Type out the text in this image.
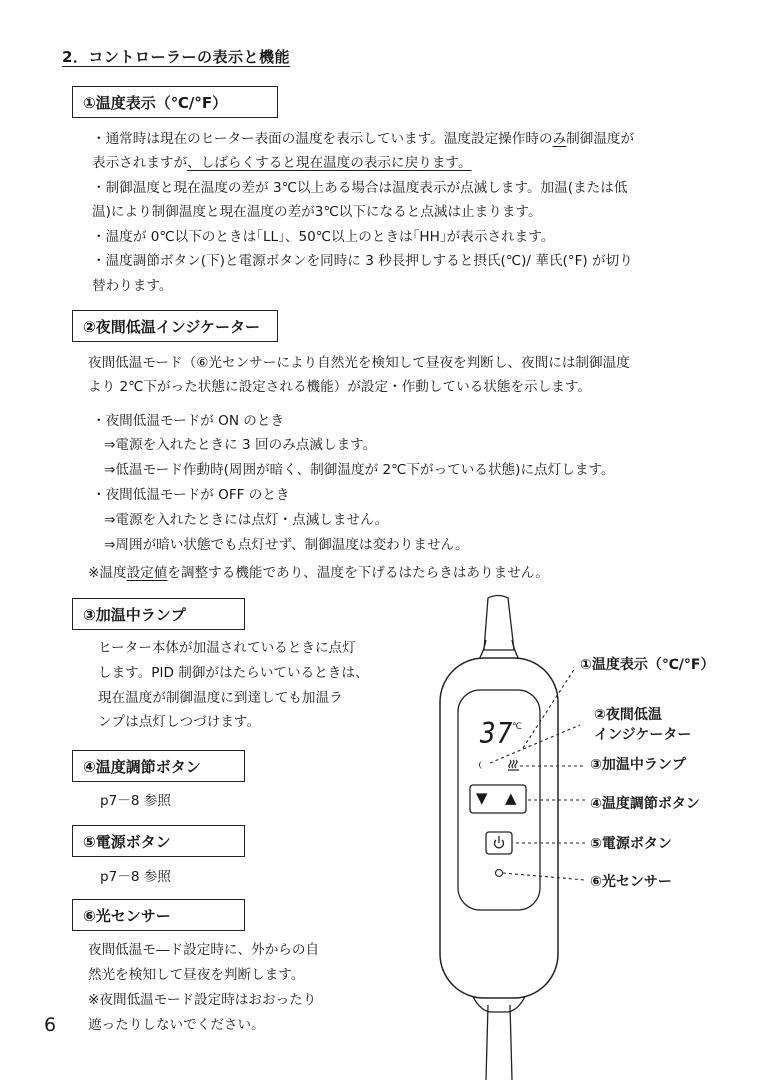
2．コントローラーの表示と機能
①温度表示（℃/°F）
・通常時は現在のヒーター表面の温度を表示しています。温度設定操作時のみ制御温度が
表示されますが、しばらくすると現在温度の表示に戻ります。
・制御温度と現在温度の差が 3℃以上ある場合は温度表示が点滅します。加温(または低
温)により制御温度と現在温度の差が3℃以下になると点滅は止まります。
・温度が 0℃以下のときは｢LL｣、50℃以上のときは｢HH｣が表示されます。
・温度調節ボタン(下)と電源ボタンを同時に 3 秒長押しすると摂氏(℃)/ 華氏(°F) が切り
替わります。
②夜間低温インジケーター
夜間低温モード（⑥光センサーにより自然光を検知して昼夜を判断し、夜間には制御温度
より 2℃下がった状態に設定される機能）が設定・作動している状態を示します。
・夜間低温モードが ON のとき
⇒電源を入れたときに 3 回のみ点滅します。
⇒低温モード作動時(周囲が暗く、制御温度が 2℃下がっている状態)に点灯します。
・夜間低温モードが OFF のとき
⇒電源を入れたときには点灯・点滅しません。
⇒周囲が暗い状態でも点灯せず、制御温度は変わりません。
※温度設定値を調整する機能であり、温度を下げるはたらきはありません。
③加温中ランプ
ヒーター本体が加温されているときに点灯
します。PID 制御がはたらいているときは、
現在温度が制御温度に到達しても加温ラ
ンプは点灯しつづけます。
④温度調節ボタン
p7－8 参照
⑤電源ボタン
p7－8 参照
⑥光センサー
夜間低温モ―ド設定時に、外からの自
然光を検知して昼夜を判断します。
※夜間低温モード設定時はおおったり
遮ったりしないでください。
6
37
℃
▼ ▲
①温度表示（℃/°F）
②夜間低温
インジケーター
③加温中ランプ
④温度調節ボタン
⑤電源ボタン
⑥光センサー
